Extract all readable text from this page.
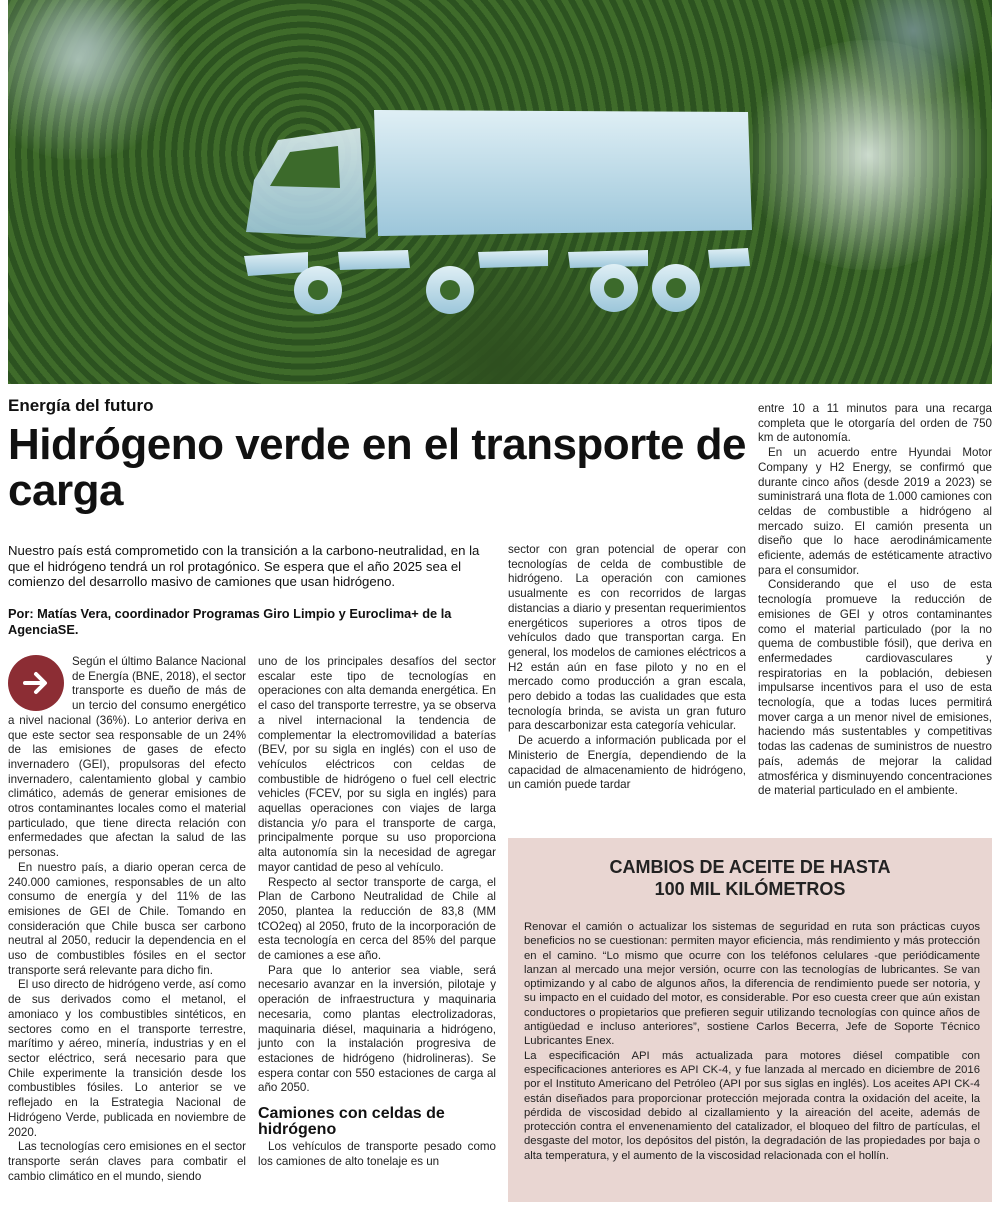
Energía del futuro
Hidrógeno verde en el transporte de carga

Nuestro país está comprometido con la transición a la carbono-neutralidad, en la que el hidrógeno tendrá un rol protagónico. Se espera que el año 2025 sea el comienzo del desarrollo masivo de camiones que usan hidrógeno.

Por: Matías Vera, coordinador Programas Giro Limpio y Euroclima+ de la AgenciaSE.

Según el último Balance Nacional de Energía (BNE, 2018), el sector transporte es dueño de más de un tercio del consumo energético a nivel nacional (36%). Lo anterior deriva en que este sector sea responsable de un 24% de las emisiones de gases de efecto invernadero (GEI), propulsoras del efecto invernadero, calentamiento global y cambio climático, además de generar emisiones de otros contaminantes locales como el material particulado, que tiene directa relación con enfermedades que afectan la salud de las personas.

En nuestro país, a diario operan cerca de 240.000 camiones, responsables de un alto consumo de energía y del 11% de las emisiones de GEI de Chile. Tomando en consideración que Chile busca ser carbono neutral al 2050, reducir la dependencia en el uso de combustibles fósiles en el sector transporte será relevante para dicho fin.

El uso directo de hidrógeno verde, así como de sus derivados como el metanol, el amoniaco y los combustibles sintéticos, en sectores como en el transporte terrestre, marítimo y aéreo, minería, industrias y en el sector eléctrico, será necesario para que Chile experimente la transición desde los combustibles fósiles. Lo anterior se ve reflejado en la Estrategia Nacional de Hidrógeno Verde, publicada en noviembre de 2020.

Las tecnologías cero emisiones en el sector transporte serán claves para combatir el cambio climático en el mundo, siendo

uno de los principales desafíos del sector escalar este tipo de tecnologías en operaciones con alta demanda energética. En el caso del transporte terrestre, ya se observa a nivel internacional la tendencia de complementar la electromovilidad a baterías (BEV, por su sigla en inglés) con el uso de vehículos eléctricos con celdas de combustible de hidrógeno o fuel cell electric vehicles (FCEV, por su sigla en inglés) para aquellas operaciones con viajes de larga distancia y/o para el transporte de carga, principalmente porque su uso proporciona alta autonomía sin la necesidad de agregar mayor cantidad de peso al vehículo.

Respecto al sector transporte de carga, el Plan de Carbono Neutralidad de Chile al 2050, plantea la reducción de 83,8 (MM tCO2eq) al 2050, fruto de la incorporación de esta tecnología en cerca del 85% del parque de camiones a ese año.

Para que lo anterior sea viable, será necesario avanzar en la inversión, pilotaje y operación de infraestructura y maquinaria necesaria, como plantas electrolizadoras, maquinaria diésel, maquinaria a hidrógeno, junto con la instalación progresiva de estaciones de hidrógeno (hidrolineras). Se espera contar con 550 estaciones de carga al año 2050.

Camiones con celdas de hidrógeno

Los vehículos de transporte pesado como los camiones de alto tonelaje es un

sector con gran potencial de operar con tecnologías de celda de combustible de hidrógeno. La operación con camiones usualmente es con recorridos de largas distancias a diario y presentan requerimientos energéticos superiores a otros tipos de vehículos dado que transportan carga. En general, los modelos de camiones eléctricos a H2 están aún en fase piloto y no en el mercado como producción a gran escala, pero debido a todas las cualidades que esta tecnología brinda, se avista un gran futuro para descarbonizar esta categoría vehicular.

De acuerdo a información publicada por el Ministerio de Energía, dependiendo de la capacidad de almacenamiento de hidrógeno, un camión puede tardar

entre 10 a 11 minutos para una recarga completa que le otorgaría del orden de 750 km de autonomía.

En un acuerdo entre Hyundai Motor Company y H2 Energy, se confirmó que durante cinco años (desde 2019 a 2023) se suministrará una flota de 1.000 camiones con celdas de combustible a hidrógeno al mercado suizo. El camión presenta un diseño que lo hace aerodinámicamente eficiente, además de estéticamente atractivo para el consumidor.

Considerando que el uso de esta tecnología promueve la reducción de emisiones de GEI y otros contaminantes como el material particulado (por la no quema de combustible fósil), que deriva en enfermedades cardiovasculares y respiratorias en la población, debiesen impulsarse incentivos para el uso de esta tecnología, que a todas luces permitirá mover carga a un menor nivel de emisiones, haciendo más sustentables y competitivas todas las cadenas de suministros de nuestro país, además de mejorar la calidad atmosférica y disminuyendo concentraciones de material particulado en el ambiente.

CAMBIOS DE ACEITE DE HASTA
100 MIL KILÓMETROS

Renovar el camión o actualizar los sistemas de seguridad en ruta son prácticas cuyos beneficios no se cuestionan: permiten mayor eficiencia, más rendimiento y más protección en el camino. “Lo mismo que ocurre con los teléfonos celulares -que periódicamente lanzan al mercado una mejor versión, ocurre con las tecnologías de lubricantes. Se van optimizando y al cabo de algunos años, la diferencia de rendimiento puede ser notoria, y su impacto en el cuidado del motor, es considerable. Por eso cuesta creer que aún existan conductores o propietarios que prefieren seguir utilizando tecnologías con quince años de antigüedad e incluso anteriores”, sostiene Carlos Becerra, Jefe de Soporte Técnico Lubricantes Enex.

La especificación API más actualizada para motores diésel compatible con especificaciones anteriores es API CK-4, y fue lanzada al mercado en diciembre de 2016 por el Instituto Americano del Petróleo (API por sus siglas en inglés). Los aceites API CK-4 están diseñados para proporcionar protección mejorada contra la oxidación del aceite, la pérdida de viscosidad debido al cizallamiento y la aireación del aceite, además de protección contra el envenenamiento del catalizador, el bloqueo del filtro de partículas, el desgaste del motor, los depósitos del pistón, la degradación de las propiedades por baja o alta temperatura, y el aumento de la viscosidad relacionada con el hollín.
